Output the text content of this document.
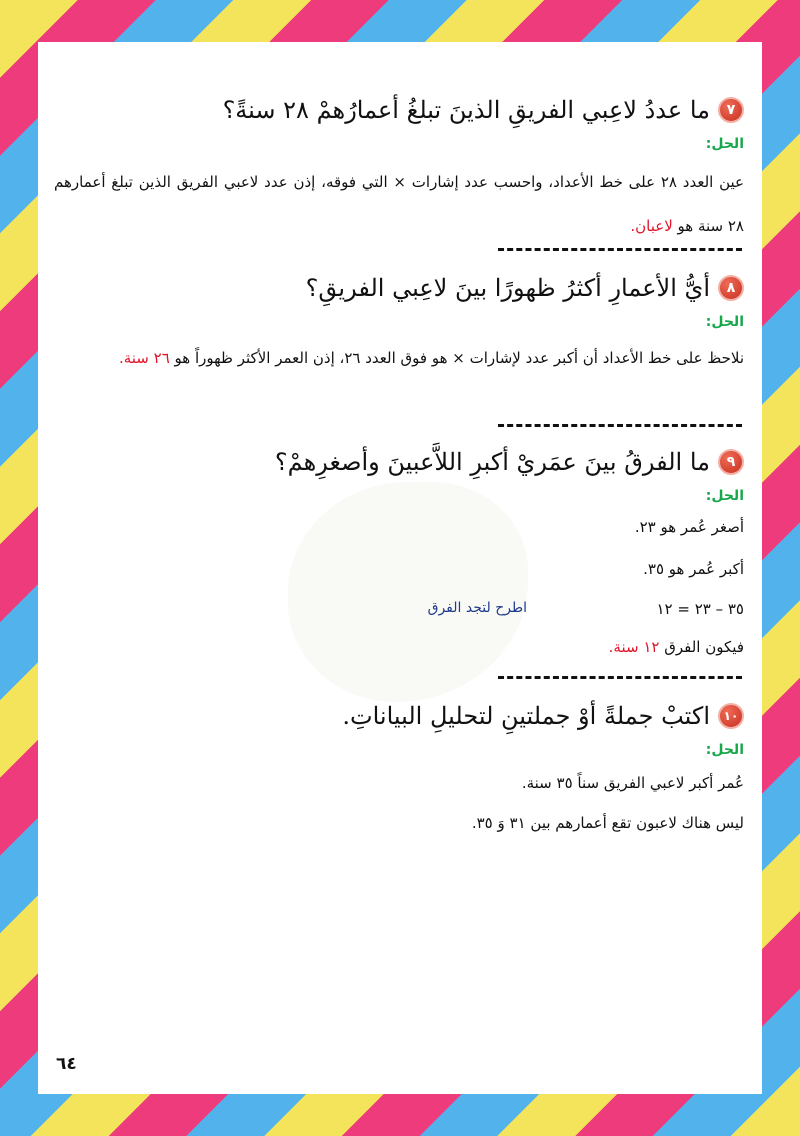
٧
ما عددُ لاعِبي الفريقِ الذينَ تبلغُ أعمارُهمْ ٢٨ سنةً؟
الحل:
عين العدد ٢٨ على خط الأعداد، واحسب عدد إشارات × التي فوقه، إذن عدد لاعبي الفريق الذين تبلغ أعمارهم ٢٨ سنة هو لاعبان.
٨
أيُّ الأعمارِ أكثرُ ظهورًا بينَ لاعِبي الفريقِ؟
الحل:
نلاحظ على خط الأعداد أن أكبر عدد لإشارات × هو فوق العدد ٢٦، إذن العمر الأكثر ظهوراً هو ٢٦ سنة.
٩
ما الفرقُ بينَ عمَريْ أكبرِ اللاَّعبينَ وأصغرِهمْ؟
الحل:
أصغر عُمر هو ٢٣.
أكبر عُمر هو ٣٥.
٣٥ – ٢٣ = ١٢
اطرح لتجد الفرق
فيكون الفرق ١٢ سنة.
١٠
اكتبْ جملةً أوْ جملتينِ لتحليلِ البياناتِ.
الحل:
عُمر أكبر لاعبي الفريق سناً ٣٥ سنة.
ليس هناك لاعبون تقع أعمارهم بين ٣١ وَ ٣٥.
٦٤
